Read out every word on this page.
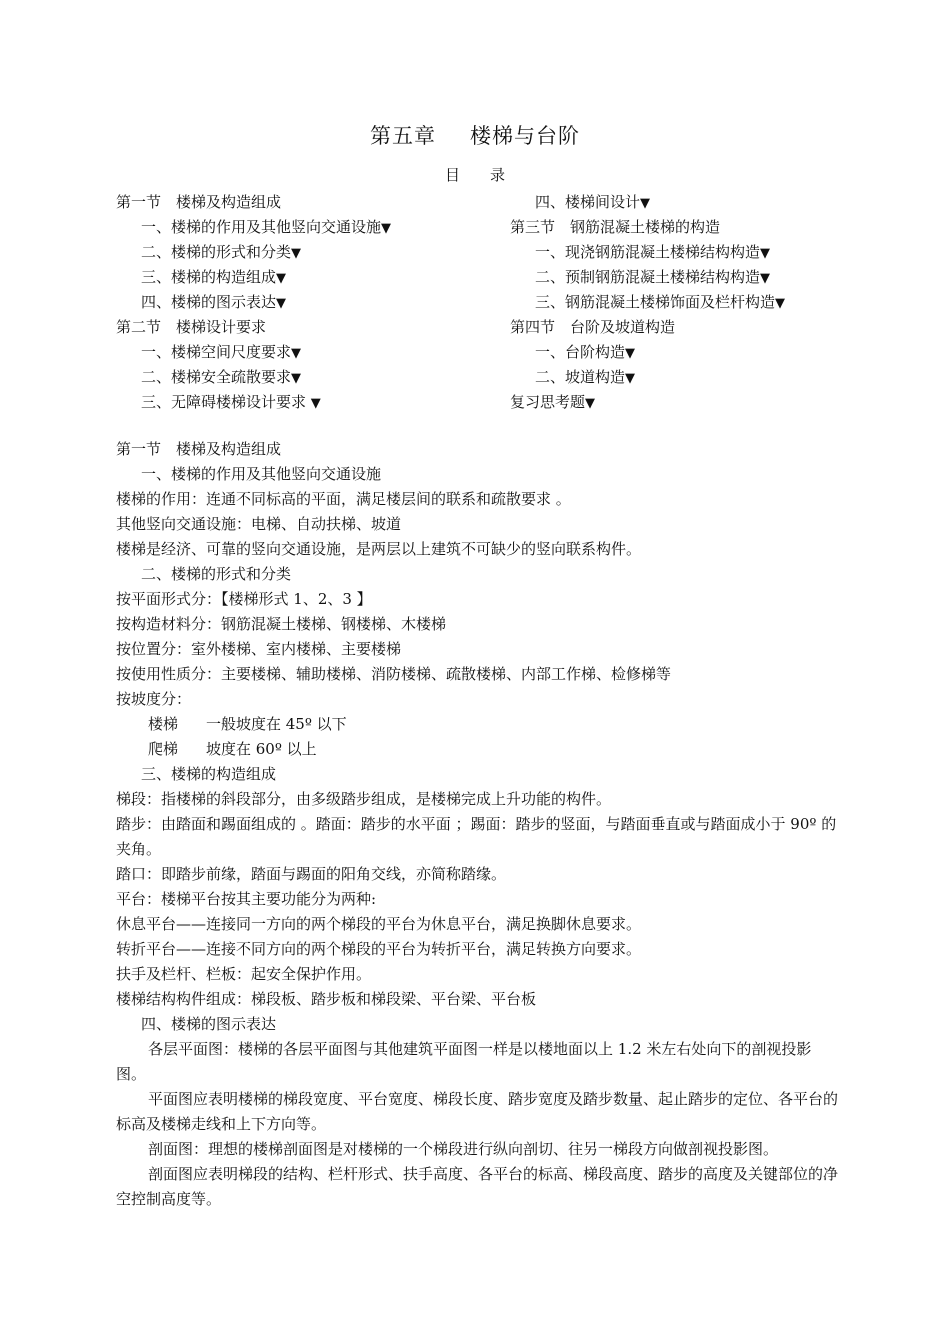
第五章 楼梯与台阶
目 录
第一节　楼梯及构造组成
一、楼梯的作用及其他竖向交通设施▼
二、楼梯的形式和分类▼
三、楼梯的构造组成▼
四、楼梯的图示表达▼
第二节　楼梯设计要求
一、楼梯空间尺度要求▼
二、楼梯安全疏散要求▼
三、无障碍楼梯设计要求 ▼
四、楼梯间设计▼
第三节　钢筋混凝土楼梯的构造
一、现浇钢筋混凝土楼梯结构构造▼
二、预制钢筋混凝土楼梯结构构造▼
三、钢筋混凝土楼梯饰面及栏杆构造▼
第四节　台阶及坡道构造
一、台阶构造▼
二、坡道构造▼
复习思考题▼

第一节　楼梯及构造组成

一、楼梯的作用及其他竖向交通设施

楼梯的作用：连通不同标高的平面，满足楼层间的联系和疏散要求 。

其他竖向交通设施：电梯、自动扶梯、坡道

楼梯是经济、可靠的竖向交通设施，是两层以上建筑不可缺少的竖向联系构件。

二、楼梯的形式和分类

按平面形式分：【楼梯形式 1、2、3 】

按构造材料分：钢筋混凝土楼梯、钢楼梯、木楼梯

按位置分：室外楼梯、室内楼梯、主要楼梯

按使用性质分：主要楼梯、辅助楼梯、消防楼梯、疏散楼梯、内部工作梯、检修梯等

按坡度分：

楼梯 一般坡度在 45º 以下

爬梯 坡度在 60º 以上

三、楼梯的构造组成

梯段：指楼梯的斜段部分，由多级踏步组成，是楼梯完成上升功能的构件。

踏步：由踏面和踢面组成的 。踏面：踏步的水平面 ；踢面：踏步的竖面，与踏面垂直或与踏面成小于 90º 的夹角。

踏口：即踏步前缘，踏面与踢面的阳角交线，亦简称踏缘。

平台：楼梯平台按其主要功能分为两种:

休息平台——连接同一方向的两个梯段的平台为休息平台，满足换脚休息要求。

转折平台——连接不同方向的两个梯段的平台为转折平台，满足转换方向要求。

扶手及栏杆、栏板：起安全保护作用。

楼梯结构构件组成：梯段板、踏步板和梯段梁、平台梁、平台板

四、楼梯的图示表达

各层平面图：楼梯的各层平面图与其他建筑平面图一样是以楼地面以上 1.2 米左右处向下的剖视投影图。

平面图应表明楼梯的梯段宽度、平台宽度、梯段长度、踏步宽度及踏步数量、起止踏步的定位、各平台的标高及楼梯走线和上下方向等。

剖面图：理想的楼梯剖面图是对楼梯的一个梯段进行纵向剖切、往另一梯段方向做剖视投影图。

剖面图应表明梯段的结构、栏杆形式、扶手高度、各平台的标高、梯段高度、踏步的高度及关键部位的净空控制高度等。
